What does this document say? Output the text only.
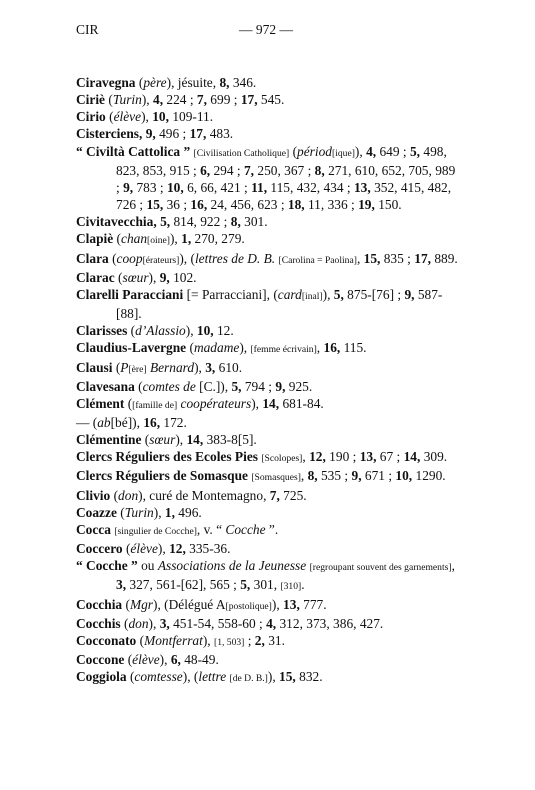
CIR	— 972 —

Ciravegna (père), jésuite, 8, 346.

Ciriè (Turin), 4, 224 ; 7, 699 ; 17, 545.

Cirio (élève), 10, 109-11.

Cisterciens, 9, 496 ; 17, 483.

“ Civiltà Cattolica ” [Civilisation Catholique] (périod[ique]), 4, 649 ; 5, 498, 823, 853, 915 ; 6, 294 ; 7, 250, 367 ; 8, 271, 610, 652, 705, 989 ; 9, 783 ; 10, 6, 66, 421 ; 11, 115, 432, 434 ; 13, 352, 415, 482, 726 ; 15, 36 ; 16, 24, 456, 623 ; 18, 11, 336 ; 19, 150.

Civitavecchia, 5, 814, 922 ; 8, 301.

Clapiè (chan[oine]), 1, 270, 279.

Clara (coop[érateurs]), (lettres de D. B. [Carolina = Paolina], 15, 835 ; 17, 889.

Clarac (sœur), 9, 102.

Clarelli Paracciani [= Parracciani], (card[inal]), 5, 875-[76] ; 9, 587-[88].

Clarisses (d’Alassio), 10, 12.

Claudius-Lavergne (madame), [femme écrivain], 16, 115.

Clausi (P[ère] Bernard), 3, 610.

Clavesana (comtes de [C.]), 5, 794 ; 9, 925.

Clément ([famille de] coopérateurs), 14, 681-84.

— (ab[bé]), 16, 172.

Clémentine (sœur), 14, 383-8[5].

Clercs Réguliers des Ecoles Pies [Scolopes], 12, 190 ; 13, 67 ; 14, 309.

Clercs Réguliers de Somasque [Somasques], 8, 535 ; 9, 671 ; 10, 1290.

Clivio (don), curé de Montemagno, 7, 725.

Coazze (Turin), 1, 496.

Cocca [singulier de Cocche], v. “ Cocche ”.

Coccero (élève), 12, 335-36.

“ Cocche ” ou Associations de la Jeunesse [regroupant souvent des garnements], 3, 327, 561-[62], 565 ; 5, 301, [310].

Cocchia (Mgr), (Délégué A[postolique]), 13, 777.

Cocchis (don), 3, 451-54, 558-60 ; 4, 312, 373, 386, 427.

Cocconato (Montferrat), [1, 503] ; 2, 31.

Coccone (élève), 6, 48-49.

Coggiola (comtesse), (lettre [de D. B.]), 15, 832.
